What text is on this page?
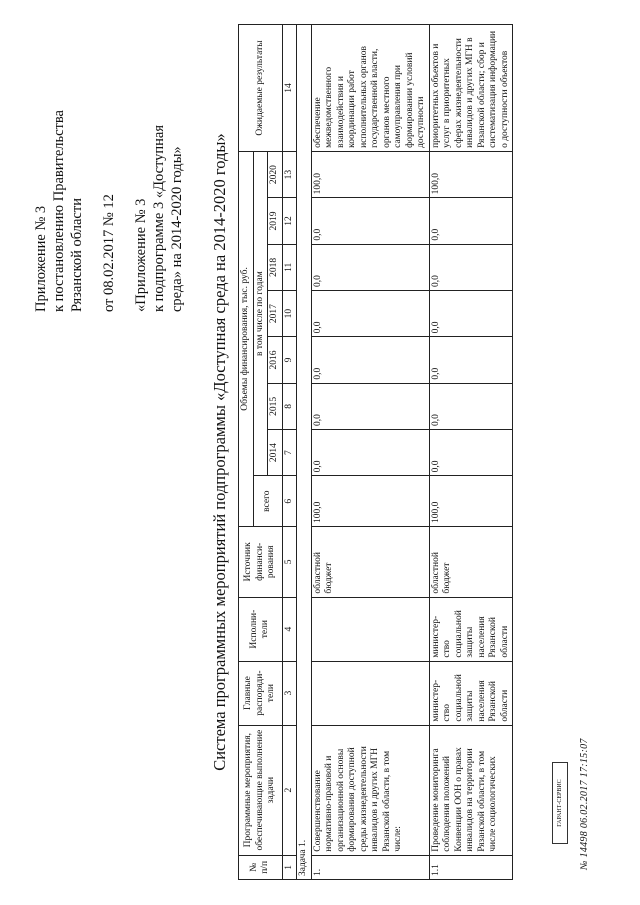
Приложение № 3 к постановлению Правительства Рязанской области от 08.02.2017 № 12 «Приложение № 3 к подпрограмме 3 «Доступная среда» на 2014-2020 годы» Система программных мероприятий подпрограммы «Доступная среда на 2014-2020 годы»
№ п/п	Программные мероприятия, обеспечивающие выполнение задачи	Главные распоряди-тели	Исполни-тели	Источник финанси-рования	Объемы финансирования, тыс. руб.								Ожидаемые результаты
					всего	в том числе по годам							
						2014	2015	2016	2017	2018	2019	2020	
1	2	3	4	5	6	7	8	9	10	11	12	13	14
Задача 1.													
1.	Совершенствование нормативно-правовой и организационной основы формирования доступной среды жизнедеятельности инвалидов и других МГН Рязанской области, в том числе:			областной бюджет	100,0	0,0	0,0	0,0	0,0	0,0	0,0	100,0	обеспечение межведомственного взаимодействия и координации работ исполнительных органов государственной власти, органов местного самоуправления при формировании условий доступности
1.1	Проведение мониторинга соблюдения положений Конвенции ООН о правах инвалидов на территории Рязанской области, в том числе социологических	министер-ство социальной защиты населения Рязанской области	министер-ство социальной защиты населения Рязанской области	областной бюджет	100,0	0,0	0,0	0,0	0,0	0,0	0,0	100,0	приоритетных объектов и услуг в приоритетных сферах жизнедеятельности инвалидов и других МГН в Рязанской области; сбор и систематизация информации о доступности объектов
ГАРАНТ-СЕРВИС	№ 14498 06.02.2017 17:15:07
